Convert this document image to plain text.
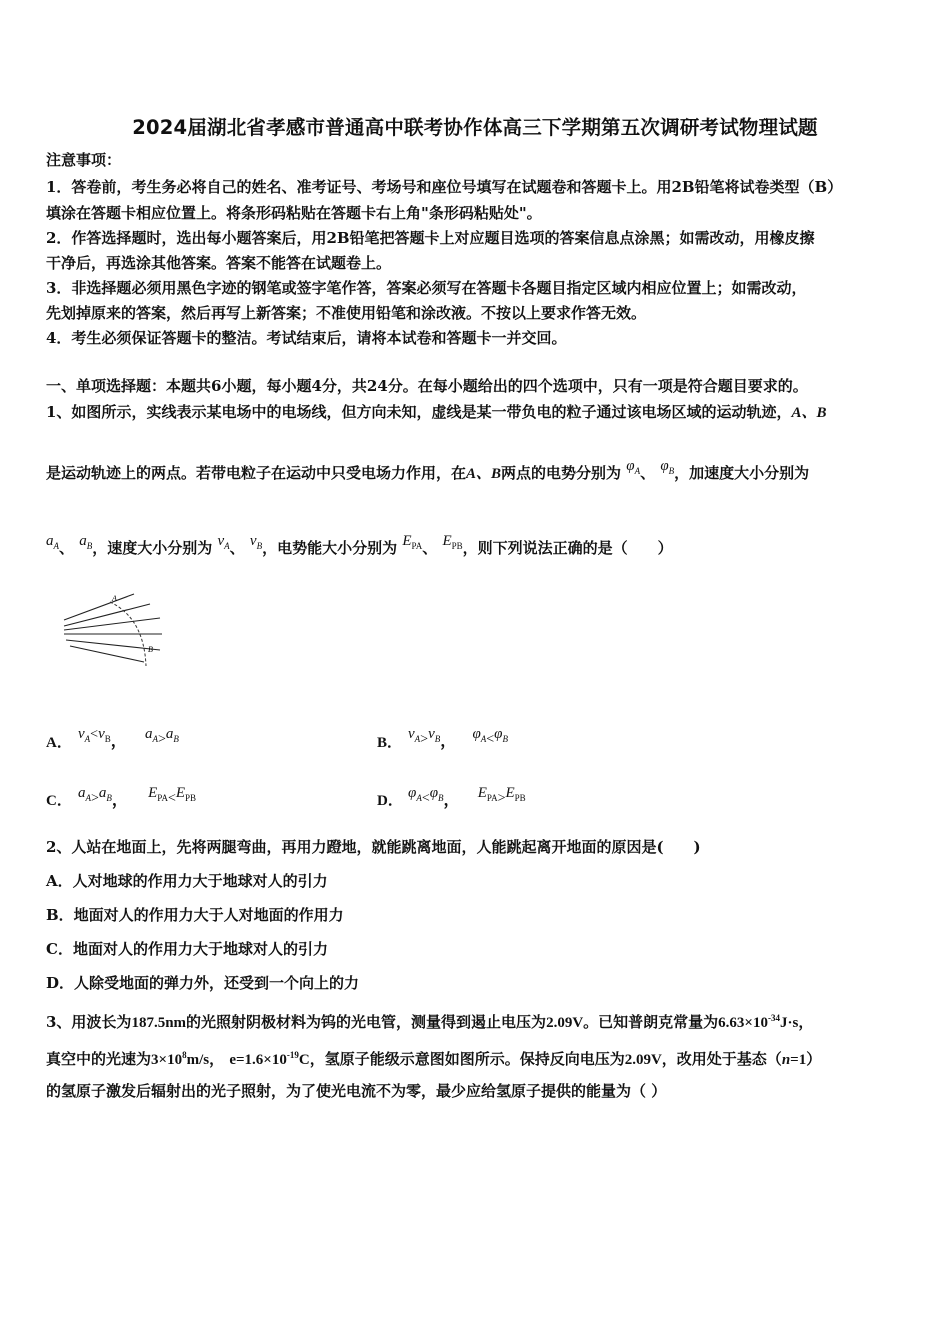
2024届湖北省孝感市普通高中联考协作体高三下学期第五次调研考试物理试题
注意事项：
1．答卷前，考生务必将自己的姓名、准考证号、考场号和座位号填写在试题卷和答题卡上。用2B铅笔将试卷类型（B）
填涂在答题卡相应位置上。将条形码粘贴在答题卡右上角"条形码粘贴处"。
2．作答选择题时，选出每小题答案后，用2B铅笔把答题卡上对应题目选项的答案信息点涂黑；如需改动，用橡皮擦
干净后，再选涂其他答案。答案不能答在试题卷上。
3．非选择题必须用黑色字迹的钢笔或签字笔作答，答案必须写在答题卡各题目指定区域内相应位置上；如需改动，
先划掉原来的答案，然后再写上新答案；不准使用铅笔和涂改液。不按以上要求作答无效。
4．考生必须保证答题卡的整洁。考试结束后，请将本试卷和答题卡一并交回。
一、单项选择题：本题共6小题，每小题4分，共24分。在每小题给出的四个选项中，只有一项是符合题目要求的。
1、如图所示，实线表示某电场中的电场线，但方向未知，虚线是某一带负电的粒子通过该电场区域的运动轨迹，A、B
是运动轨迹上的两点。若带电粒子在运动中只受电场力作用，在A、B两点的电势分别为 $\varphi_A$、 $\varphi_B$，加速度大小分别为
$a_A$、 $a_B$，速度大小分别为 $v_A$、 $v_B$，电势能大小分别为 $E_{PA}$、 $E_{PB}$，则下列说法正确的是（　　）
A
B
A．
$v_A<v_B$， $a_A>a_B$	B．
$v_A>v_B$， $\varphi_A<\varphi_B$
C． $a_A>a_B$， $E_{PA}<E_{PB}$	D． $\varphi_A<\varphi_B$， $E_{PA}>E_{PB}$
2、人站在地面上，先将两腿弯曲，再用力蹬地，就能跳离地面，人能跳起离开地面的原因是(　　)
A．人对地球的作用力大于地球对人的引力
B．地面对人的作用力大于人对地面的作用力
C．地面对人的作用力大于地球对人的引力
D．人除受地面的弹力外，还受到一个向上的力
3、用波长为187.5nm的光照射阴极材料为钨的光电管，测量得到遏止电压为2.09V。已知普朗克常量为$6.63\times 10^{-34}J\cdot s$，
真空中的光速为$3\times 10^8m/s$， $e=1.6\times 10^{-19}C$，氢原子能级示意图如图所示。保持反向电压为2.09V，改用处于基态（n=1）
的氢原子激发后辐射出的光子照射，为了使光电流不为零，最少应给氢原子提供的能量为（ ）
